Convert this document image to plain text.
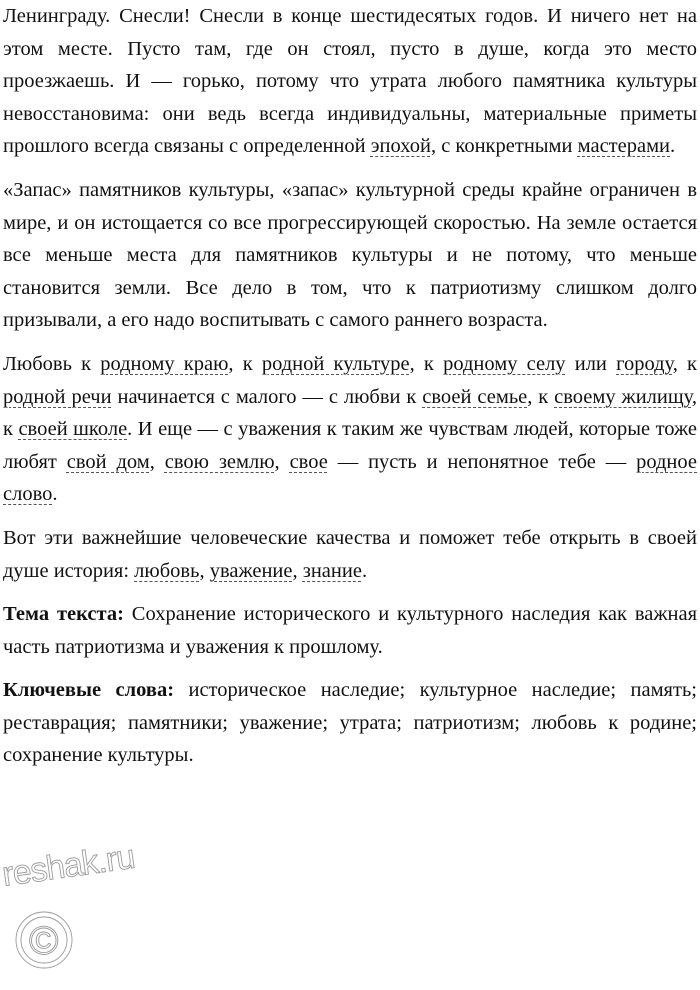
Ленинграду. Снесли! Снесли в конце шестидесятых годов. И ничего нет на этом месте. Пусто там, где он стоял, пусто в душе, когда это место проезжаешь. И — горько, потому что утрата любого памятника культуры невосстановима: они ведь всегда индивидуальны, материальные приметы прошлого всегда связаны с определенной эпохой, с конкретными мастерами.

«Запас» памятников культуры, «запас» культурной среды крайне ограничен в мире, и он истощается со все прогрессирующей скоростью. На земле остается все меньше места для памятников культуры и не потому, что меньше становится земли. Все дело в том, что к патриотизму слишком долго призывали, а его надо воспитывать с самого раннего возраста.

Любовь к родному краю, к родной культуре, к родному селу или городу, к родной речи начинается с малого — с любви к своей семье, к своему жилищу, к своей школе. И еще — с уважения к таким же чувствам людей, которые тоже любят свой дом, свою землю, свое — пусть и непонятное тебе — родное слово.

Вот эти важнейшие человеческие качества и поможет тебе открыть в своей душе история: любовь, уважение, знание.

Тема текста: Сохранение исторического и культурного наследия как важная часть патриотизма и уважения к прошлому.

Ключевые слова: историческое наследие; культурное наследие; память; реставрация; памятники; уважение; утрата; патриотизм; любовь к родине; сохранение культуры.

reshak.ru
©
